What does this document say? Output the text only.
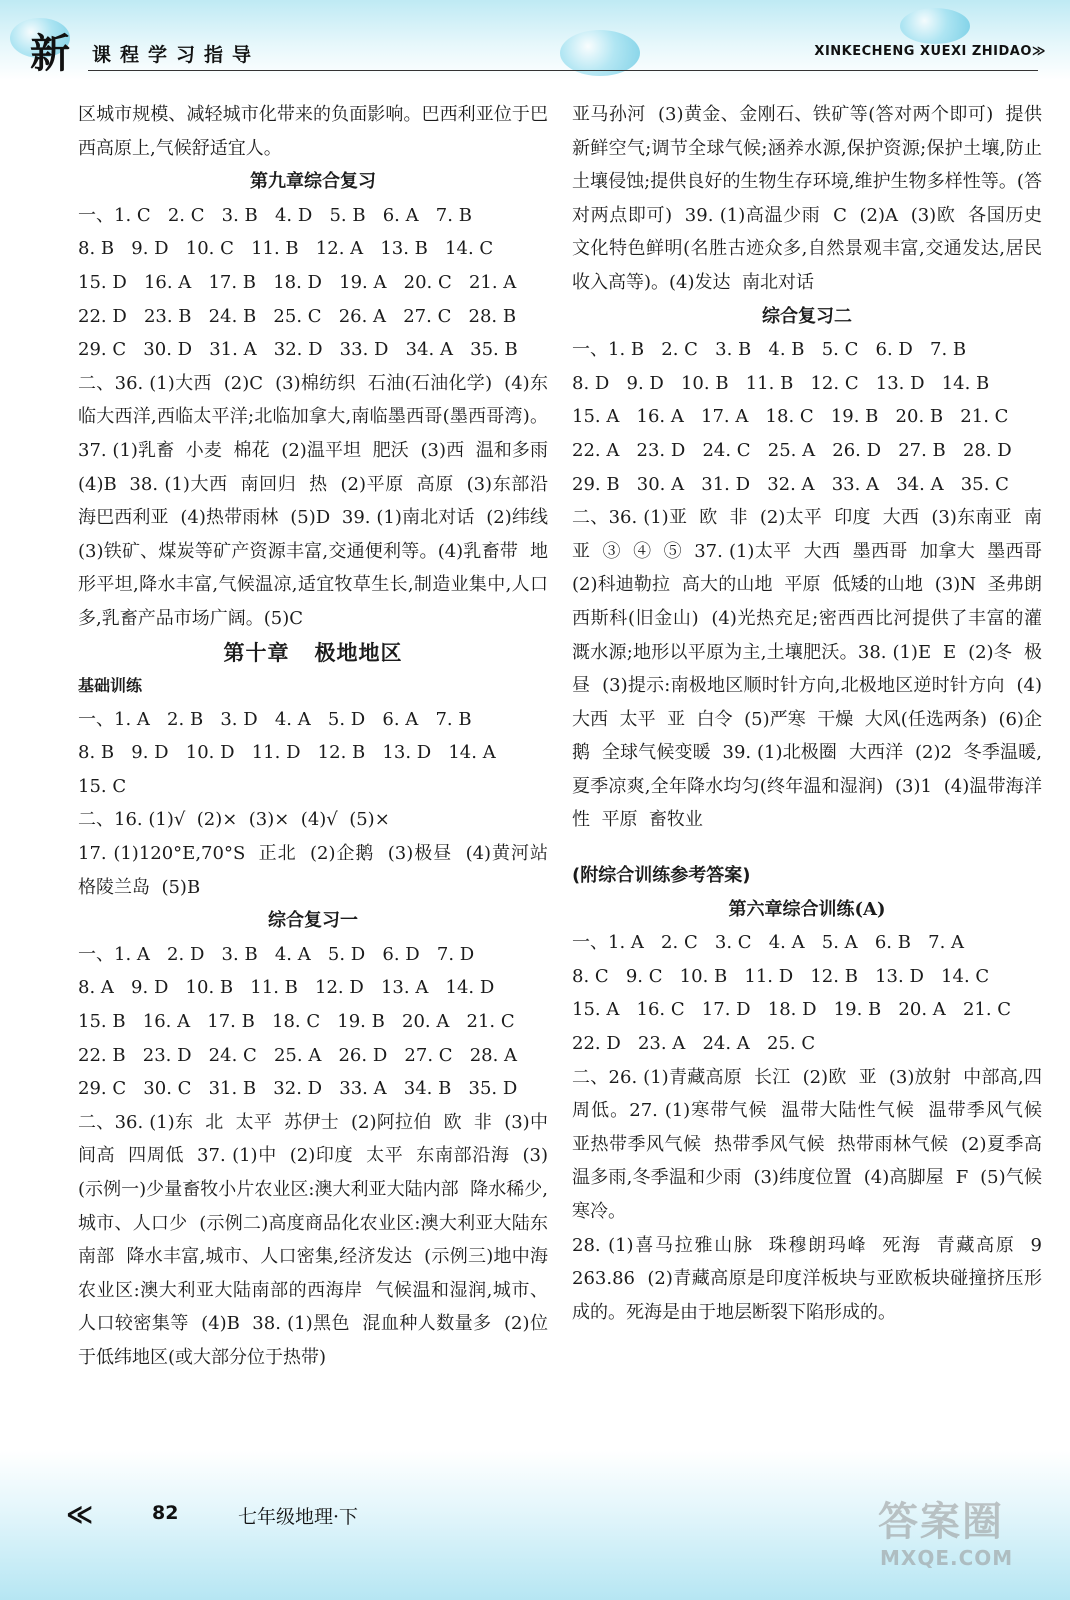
新	课程学习指导	XINKECHENG XUEXI ZHIDAO≫

区城市规模、减轻城市化带来的负面影响。巴西利亚位于巴西高原上,气候舒适宜人。

第九章综合复习

一、1. C   2. C   3. B   4. D   5. B   6. A   7. B
8. B   9. D   10. C   11. B   12. A   13. B   14. C
15. D   16. A   17. B   18. D   19. A   20. C   21. A
22. D   23. B   24. B   25. C   26. A   27. C   28. B
29. C   30. D   31. A   32. D   33. D   34. A   35. B

二、36. (1)大西  (2)C  (3)棉纺织  石油(石油化学)  (4)东临大西洋,西临太平洋;北临加拿大,南临墨西哥(墨西哥湾)。37. (1)乳畜  小麦  棉花  (2)温平坦  肥沃  (3)西  温和多雨  (4)B  38. (1)大西  南回归  热  (2)平原  高原  (3)东部沿海巴西利亚  (4)热带雨林  (5)D  39. (1)南北对话  (2)纬线  (3)铁矿、煤炭等矿产资源丰富,交通便利等。(4)乳畜带  地形平坦,降水丰富,气候温凉,适宜牧草生长,制造业集中,人口多,乳畜产品市场广阔。(5)C

第十章   极地地区

基础训练

一、1. A   2. B   3. D   4. A   5. D   6. A   7. B
8. B   9. D   10. D   11. D   12. B   13. D   14. A
15. C

二、16. (1)√  (2)×  (3)×  (4)√  (5)×

17. (1)120°E,70°S  正北  (2)企鹅  (3)极昼  (4)黄河站  格陵兰岛  (5)B

综合复习一

一、1. A   2. D   3. B   4. A   5. D   6. D   7. D
8. A   9. D   10. B   11. B   12. D   13. A   14. D
15. B   16. A   17. B   18. C   19. B   20. A   21. C
22. B   23. D   24. C   25. A   26. D   27. C   28. A
29. C   30. C   31. B   32. D   33. A   34. B   35. D

二、36. (1)东  北  太平  苏伊士  (2)阿拉伯  欧  非  (3)中间高  四周低  37. (1)中  (2)印度  太平  东南部沿海  (3)(示例一)少量畜牧小片农业区:澳大利亚大陆内部  降水稀少,城市、人口少  (示例二)高度商品化农业区:澳大利亚大陆东南部  降水丰富,城市、人口密集,经济发达  (示例三)地中海农业区:澳大利亚大陆南部的西海岸  气候温和湿润,城市、人口较密集等  (4)B  38. (1)黑色  混血种人数量多  (2)位于低纬地区(或大部分位于热带)

亚马孙河  (3)黄金、金刚石、铁矿等(答对两个即可)  提供新鲜空气;调节全球气候;涵养水源,保护资源;保护土壤,防止土壤侵蚀;提供良好的生物生存环境,维护生物多样性等。(答对两点即可)  39. (1)高温少雨  C  (2)A  (3)欧  各国历史文化特色鲜明(名胜古迹众多,自然景观丰富,交通发达,居民收入高等)。(4)发达  南北对话

综合复习二

一、1. B   2. C   3. B   4. B   5. C   6. D   7. B
8. D   9. D   10. B   11. B   12. C   13. D   14. B
15. A   16. A   17. A   18. C   19. B   20. B   21. C
22. A   23. D   24. C   25. A   26. D   27. B   28. D
29. B   30. A   31. D   32. A   33. A   34. A   35. C

二、36. (1)亚  欧  非  (2)太平  印度  大西  (3)东南亚  南亚  ③  ④  ⑤  37. (1)太平  大西  墨西哥  加拿大  墨西哥  (2)科迪勒拉  高大的山地  平原  低矮的山地  (3)N  圣弗朗西斯科(旧金山)  (4)光热充足;密西西比河提供了丰富的灌溉水源;地形以平原为主,土壤肥沃。38. (1)E  E  (2)冬  极昼  (3)提示:南极地区顺时针方向,北极地区逆时针方向  (4)大西  太平  亚  白令  (5)严寒  干燥  大风(任选两条)  (6)企鹅  全球气候变暖  39. (1)北极圈  大西洋  (2)2  冬季温暖,夏季凉爽,全年降水均匀(终年温和湿润)  (3)1  (4)温带海洋性  平原  畜牧业

(附综合训练参考答案)

第六章综合训练(A)

一、1. A   2. C   3. C   4. A   5. A   6. B   7. A
8. C   9. C   10. B   11. D   12. B   13. D   14. C
15. A   16. C   17. D   18. D   19. B   20. A   21. C
22. D   23. A   24. A   25. C

二、26. (1)青藏高原  长江  (2)欧  亚  (3)放射  中部高,四周低。27. (1)寒带气候  温带大陆性气候  温带季风气候  亚热带季风气候  热带季风气候  热带雨林气候  (2)夏季高温多雨,冬季温和少雨  (3)纬度位置  (4)高脚屋  F  (5)气候寒冷。

28. (1)喜马拉雅山脉  珠穆朗玛峰  死海  青藏高原  9 263.86  (2)青藏高原是印度洋板块与亚欧板块碰撞挤压形成的。死海是由于地层断裂下陷形成的。

≪	82	七年级地理·下	答案圈
MXQE.COM
